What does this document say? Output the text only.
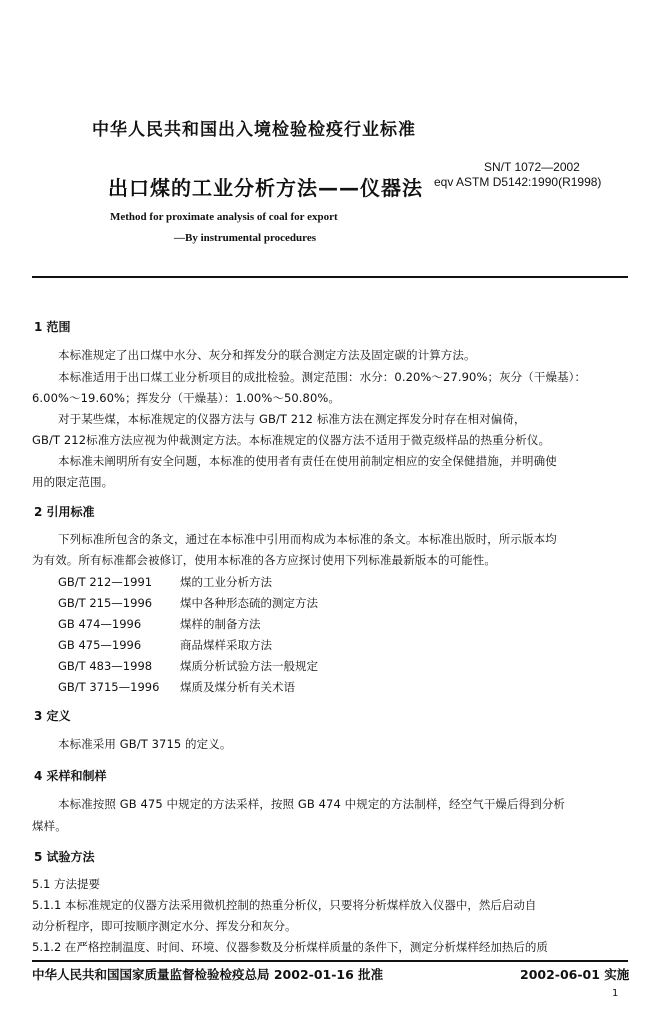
中华人民共和国出入境检验检疫行业标准
出口煤的工业分析方法——仪器法
SN/T 1072—2002
eqv ASTM D5142:1990(R1998)
Method for proximate analysis of coal for export
—By instrumental procedures
1 范围
本标准规定了出口煤中水分、灰分和挥发分的联合测定方法及固定碳的计算方法。
本标准适用于出口煤工业分析项目的成批检验。测定范围：水分：0.20%～27.90%；灰分（干燥基）：
6.00%～19.60%；挥发分（干燥基）：1.00%～50.80%。
对于某些煤，本标准规定的仪器方法与 GB/T 212 标准方法在测定挥发分时存在相对偏倚，
GB/T 212标准方法应视为仲裁测定方法。本标准规定的仪器方法不适用于微克级样品的热重分析仪。
本标准未阐明所有安全问题，本标准的使用者有责任在使用前制定相应的安全保健措施，并明确使
用的限定范围。
2 引用标准
下列标准所包含的条文，通过在本标准中引用而构成为本标准的条文。本标准出版时，所示版本均
为有效。所有标准都会被修订，使用本标准的各方应探讨使用下列标准最新版本的可能性。
GB/T 212—1991 煤的工业分析方法
GB/T 215—1996 煤中各种形态硫的测定方法
GB 474—1996	煤样的制备方法
GB 475—1996	商品煤样采取方法
GB/T 483—1998 煤质分析试验方法一般规定
GB/T 3715—1996 煤质及煤分析有关术语
3 定义
本标准采用 GB/T 3715 的定义。
4 采样和制样
本标准按照 GB 475 中规定的方法采样，按照 GB 474 中规定的方法制样，经空气干燥后得到分析
煤样。
5 试验方法
5.1 方法提要
5.1.1 本标准规定的仪器方法采用微机控制的热重分析仪，只要将分析煤样放入仪器中，然后启动自
动分析程序，即可按顺序测定水分、挥发分和灰分。
5.1.2 在严格控制温度、时间、环境、仪器参数及分析煤样质量的条件下，测定分析煤样经加热后的质
中华人民共和国国家质量监督检验检疫总局 2002-01-16 批准	2002-06-01 实施
1
